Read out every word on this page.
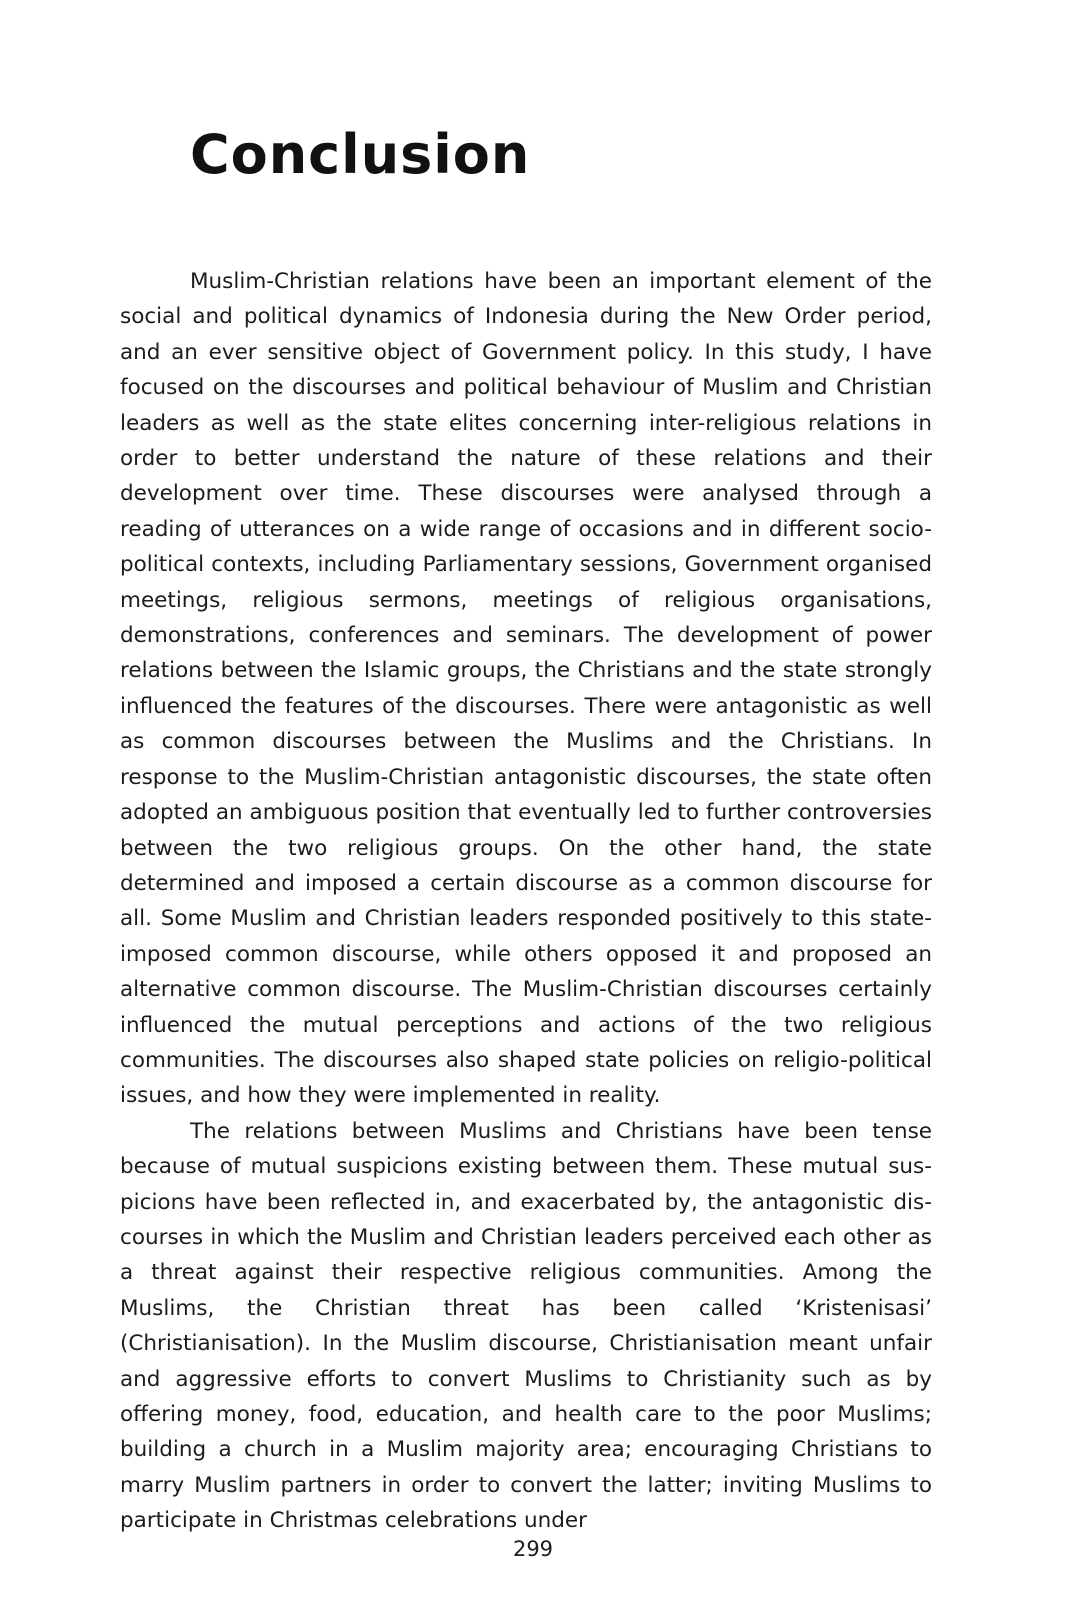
Conclusion

Muslim-Christian relations have been an important element of the social and political dynamics of Indonesia during the New Order period, and an ever sensitive object of Government policy. In this study, I have focused on the discourses and political behaviour of Muslim and Christian leaders as well as the state elites concerning inter-religious relations in order to better understand the nature of these relations and their development over time. These discourses were analysed through a reading of utterances on a wide range of occasions and in different socio-political contexts, including Parliamentary sessions, Government organised meetings, religious sermons, meetings of religious organisations, demonstrations, conferences and seminars. The development of power relations between the Islamic groups, the Christians and the state strongly influenced the features of the discourses. There were antagonistic as well as common discourses between the Muslims and the Christians. In response to the Muslim-Christian antagonistic discourses, the state often adopted an ambiguous position that eventually led to further controversies between the two religious groups. On the other hand, the state determined and imposed a certain discourse as a common discourse for all. Some Muslim and Christian leaders responded positively to this state-imposed common discourse, while others opposed it and proposed an alternative common discourse. The Muslim-Christian discourses certainly influenced the mutual perceptions and actions of the two religious communities. The discourses also shaped state policies on religio-political issues, and how they were implemented in reality.

The relations between Muslims and Christians have been tense because of mutual suspicions existing between them. These mutual suspicions have been reflected in, and exacerbated by, the antagonistic discourses in which the Muslim and Christian leaders perceived each other as a threat against their respective religious communities. Among the Muslims, the Christian threat has been called ‘Kristenisasi’ (Christianisation). In the Muslim discourse, Christianisation meant unfair and aggressive efforts to convert Muslims to Christianity such as by offering money, food, education, and health care to the poor Muslims; building a church in a Muslim majority area; encouraging Christians to marry Muslim partners in order to convert the latter; inviting Muslims to participate in Christmas celebrations under

299
